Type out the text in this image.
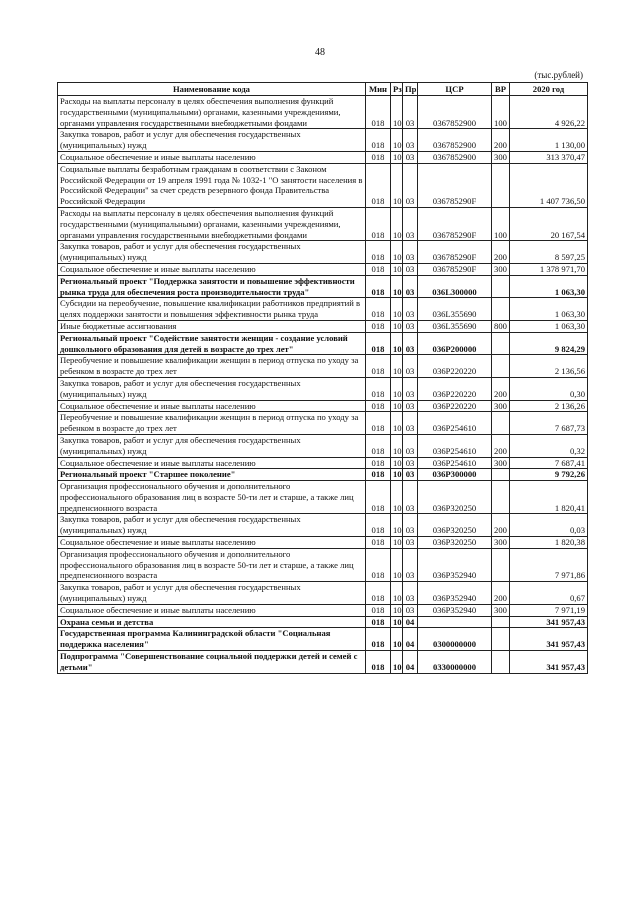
48
(тыс.рублей)
Наименование кода	Мин	Рз	Пр	ЦСР	ВР	2020 год
Расходы на выплаты персоналу в целях обеспечения выполнения функций государственными (муниципальными) органами, казенными учреждениями, органами управления государственными внебюджетными фондами	018	10	03	0367852900	100	4 926,22
Закупка товаров, работ и услуг для обеспечения государственных (муниципальных) нужд	018	10	03	0367852900	200	1 130,00
Социальное обеспечение и иные выплаты населению	018	10	03	0367852900	300	313 370,47
Социальные выплаты безработным гражданам в соответствии с Законом Российской Федерации от 19 апреля 1991 года № 1032-1 "О занятости населения в Российской Федерации" за счет средств резервного фонда Правительства Российской Федерации	018	10	03	036785290F		1 407 736,50
Расходы на выплаты персоналу в целях обеспечения выполнения функций государственными (муниципальными) органами, казенными учреждениями, органами управления государственными внебюджетными фондами	018	10	03	036785290F	100	20 167,54
Закупка товаров, работ и услуг для обеспечения государственных (муниципальных) нужд	018	10	03	036785290F	200	8 597,25
Социальное обеспечение и иные выплаты населению	018	10	03	036785290F	300	1 378 971,70
Региональный проект "Поддержка занятости и повышение эффективности рынка труда для обеспечения роста производительности труда"	018	10	03	036L300000		1 063,30
Субсидии на переобучение, повышение квалификации работников предприятий в целях поддержки занятости и повышения эффективности рынка труда	018	10	03	036L355690		1 063,30
Иные бюджетные ассигнования	018	10	03	036L355690	800	1 063,30
Региональный проект "Содействие занятости женщин - создание условий дошкольного образования для детей в возрасте до трех лет"	018	10	03	036P200000		9 824,29
Переобучение и повышение квалификации женщин в период отпуска по уходу за ребенком в возрасте до трех лет	018	10	03	036P220220		2 136,56
Закупка товаров, работ и услуг для обеспечения государственных (муниципальных) нужд	018	10	03	036P220220	200	0,30
Социальное обеспечение и иные выплаты населению	018	10	03	036P220220	300	2 136,26
Переобучение и повышение квалификации женщин в период отпуска по уходу за ребенком в возрасте до трех лет	018	10	03	036P254610		7 687,73
Закупка товаров, работ и услуг для обеспечения государственных (муниципальных) нужд	018	10	03	036P254610	200	0,32
Социальное обеспечение и иные выплаты населению	018	10	03	036P254610	300	7 687,41
Региональный проект "Старшее поколение"	018	10	03	036P300000		9 792,26
Организация профессионального обучения и дополнительного профессионального образования лиц в возрасте 50-ти лет и старше, а также лиц предпенсионного возраста	018	10	03	036P320250		1 820,41
Закупка товаров, работ и услуг для обеспечения государственных (муниципальных) нужд	018	10	03	036P320250	200	0,03
Социальное обеспечение и иные выплаты населению	018	10	03	036P320250	300	1 820,38
Организация профессионального обучения и дополнительного профессионального образования лиц в возрасте 50-ти лет и старше, а также лиц предпенсионного возраста	018	10	03	036P352940		7 971,86
Закупка товаров, работ и услуг для обеспечения государственных (муниципальных) нужд	018	10	03	036P352940	200	0,67
Социальное обеспечение и иные выплаты населению	018	10	03	036P352940	300	7 971,19
Охрана семьи и детства	018	10	04			341 957,43
Государственная программа Калининградской области "Социальная поддержка населения"	018	10	04	0300000000		341 957,43
Подпрограмма "Совершенствование социальной поддержки детей и семей с детьми"	018	10	04	0330000000		341 957,43
